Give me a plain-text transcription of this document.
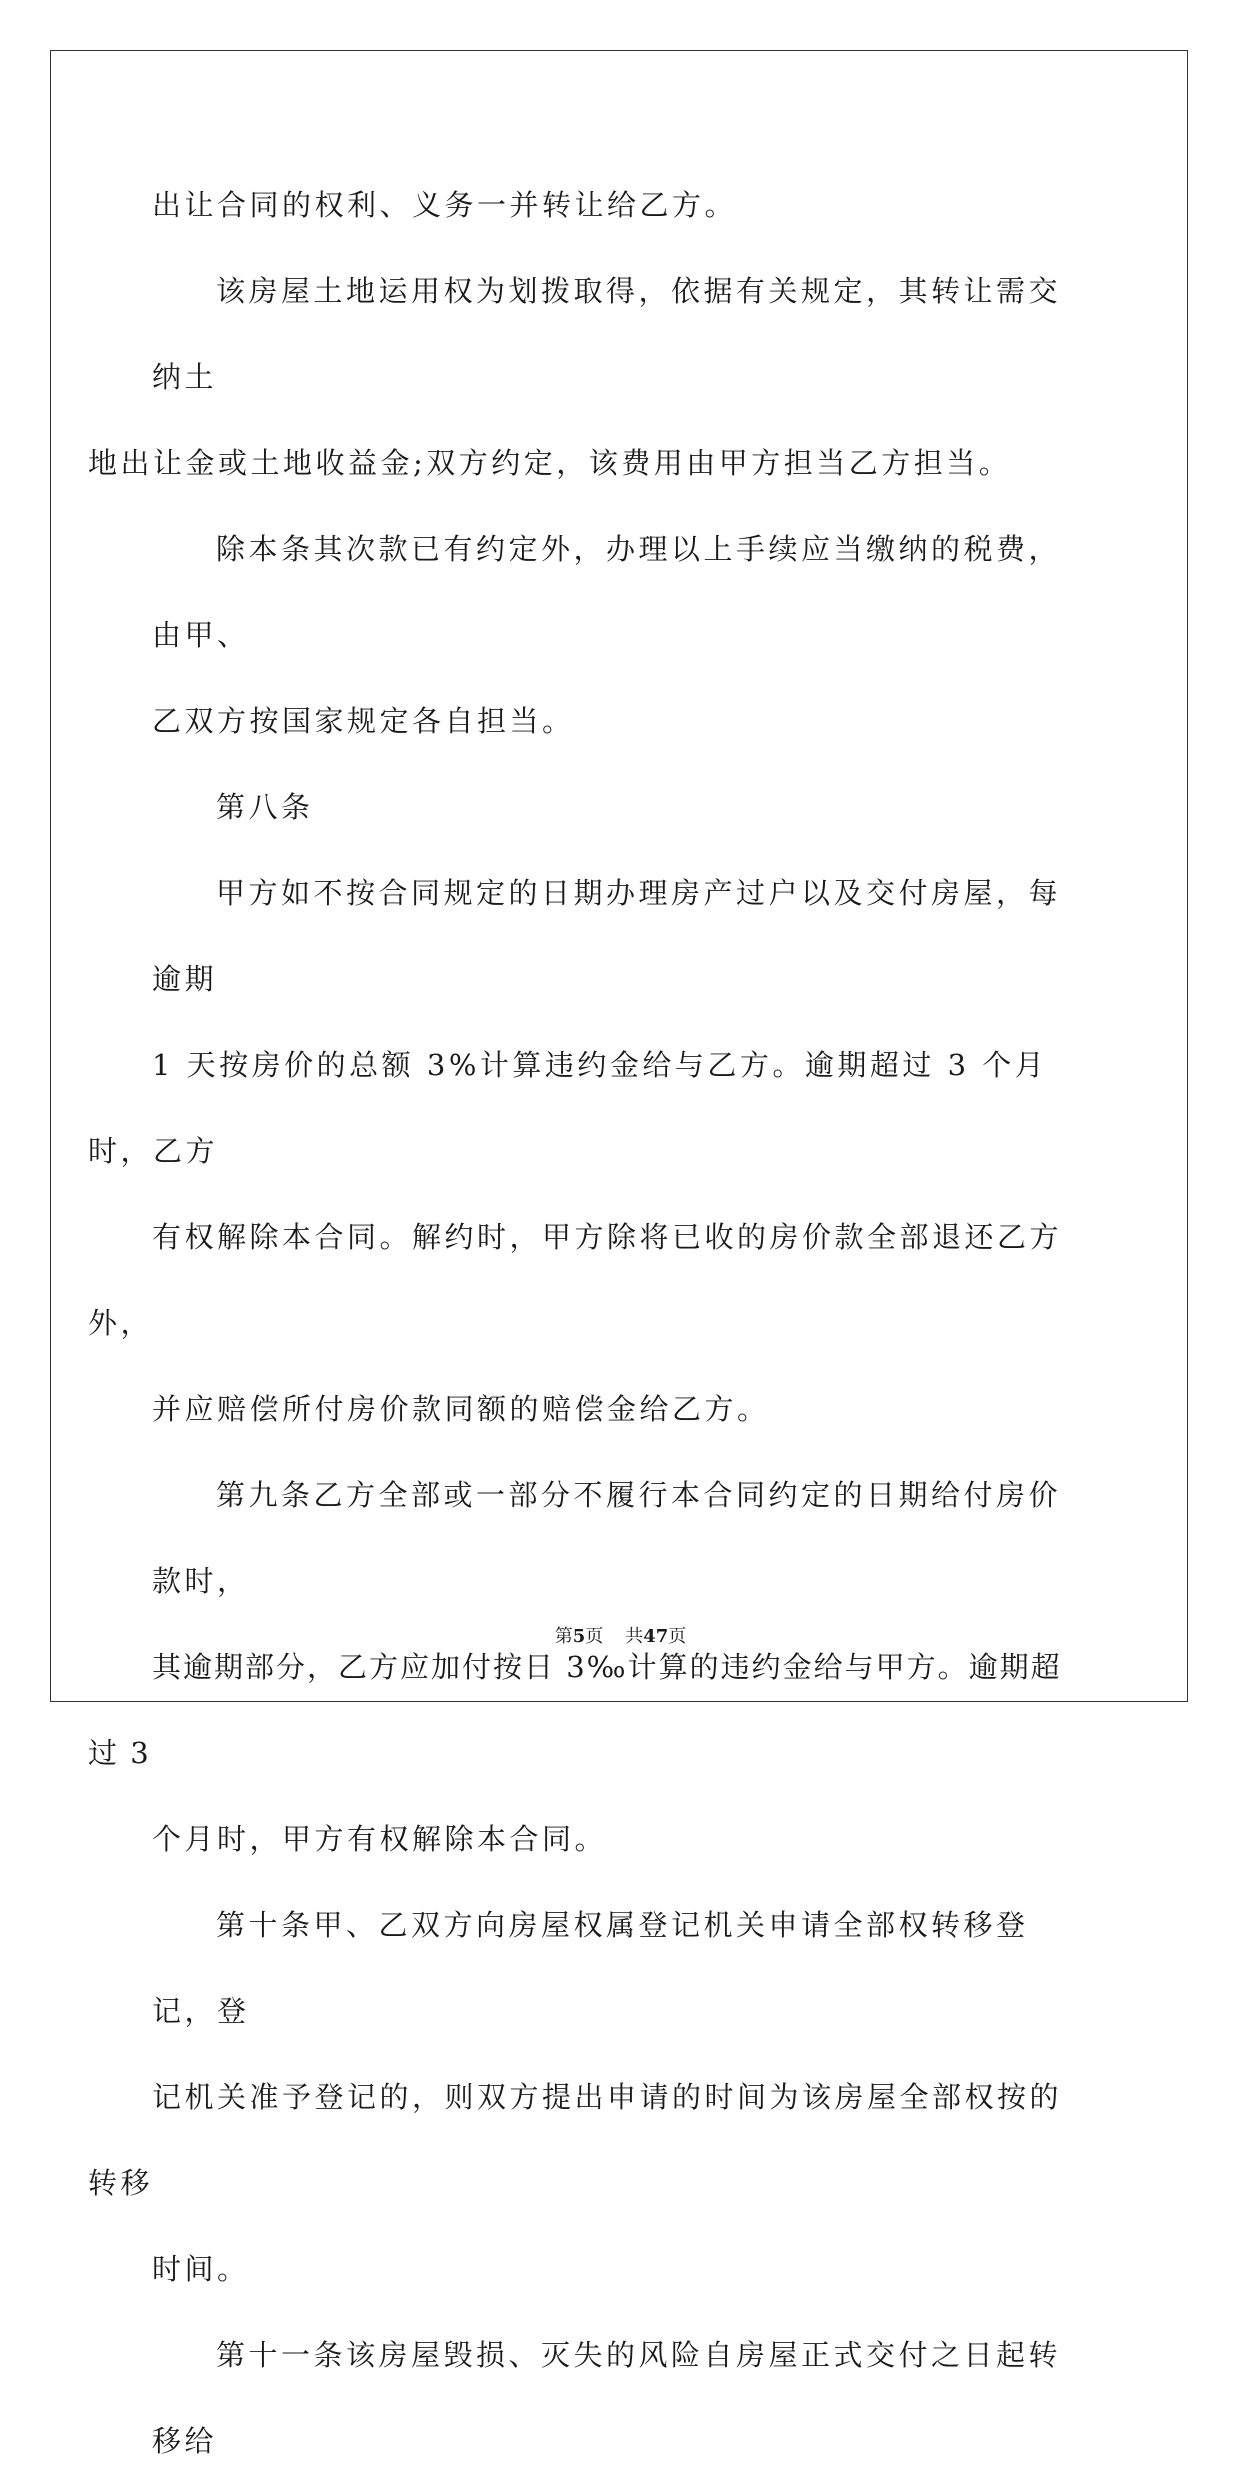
出让合同的权利、义务一并转让给乙方。

该房屋土地运用权为划拨取得，依据有关规定，其转让需交纳土
地出让金或土地收益金;双方约定，该费用由甲方担当乙方担当。

除本条其次款已有约定外，办理以上手续应当缴纳的税费，由甲、
乙双方按国家规定各自担当。

第八条

甲方如不按合同规定的日期办理房产过户以及交付房屋，每逾期
1 天按房价的总额 3%计算违约金给与乙方。逾期超过 3 个月时，乙方
有权解除本合同。解约时，甲方除将已收的房价款全部退还乙方外，
并应赔偿所付房价款同额的赔偿金给乙方。

第九条乙方全部或一部分不履行本合同约定的日期给付房价款时，
其逾期部分，乙方应加付按日 3‰计算的违约金给与甲方。逾期超过 3
个月时，甲方有权解除本合同。

第十条甲、乙双方向房屋权属登记机关申请全部权转移登记，登
记机关准予登记的，则双方提出申请的时间为该房屋全部权按的转移
时间。

第十一条该房屋毁损、灭失的风险自房屋正式交付之日起转移给

第5页 共47页
